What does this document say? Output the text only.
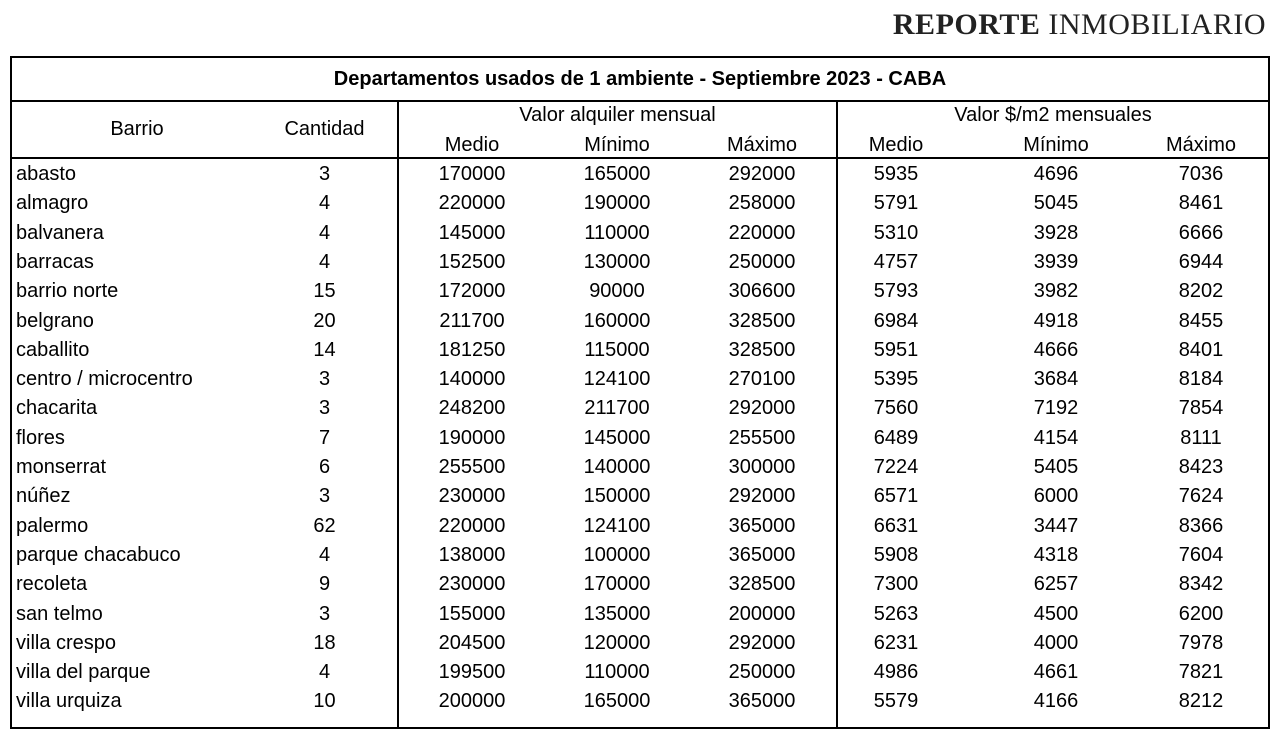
REPORTE INMOBILIARIO
Departamentos usados de 1 ambiente - Septiembre 2023 - CABA
Barrio	Cantidad
Valor alquiler mensual	Valor $/m2 mensuales
Medio	Mínimo	Máximo	Medio	Mínimo	Máximo
abasto	3	170000	165000	292000	5935	4696	7036
almagro	4	220000	190000	258000	5791	5045	8461
balvanera	4	145000	110000	220000	5310	3928	6666
barracas	4	152500	130000	250000	4757	3939	6944
barrio norte	15	172000	90000	306600	5793	3982	8202
belgrano	20	211700	160000	328500	6984	4918	8455
caballito	14	181250	115000	328500	5951	4666	8401
centro / microcentro	3	140000	124100	270100	5395	3684	8184
chacarita	3	248200	211700	292000	7560	7192	7854
flores	7	190000	145000	255500	6489	4154	8111
monserrat	6	255500	140000	300000	7224	5405	8423
núñez	3	230000	150000	292000	6571	6000	7624
palermo	62	220000	124100	365000	6631	3447	8366
parque chacabuco	4	138000	100000	365000	5908	4318	7604
recoleta	9	230000	170000	328500	7300	6257	8342
san telmo	3	155000	135000	200000	5263	4500	6200
villa crespo	18	204500	120000	292000	6231	4000	7978
villa del parque	4	199500	110000	250000	4986	4661	7821
villa urquiza	10	200000	165000	365000	5579	4166	8212
